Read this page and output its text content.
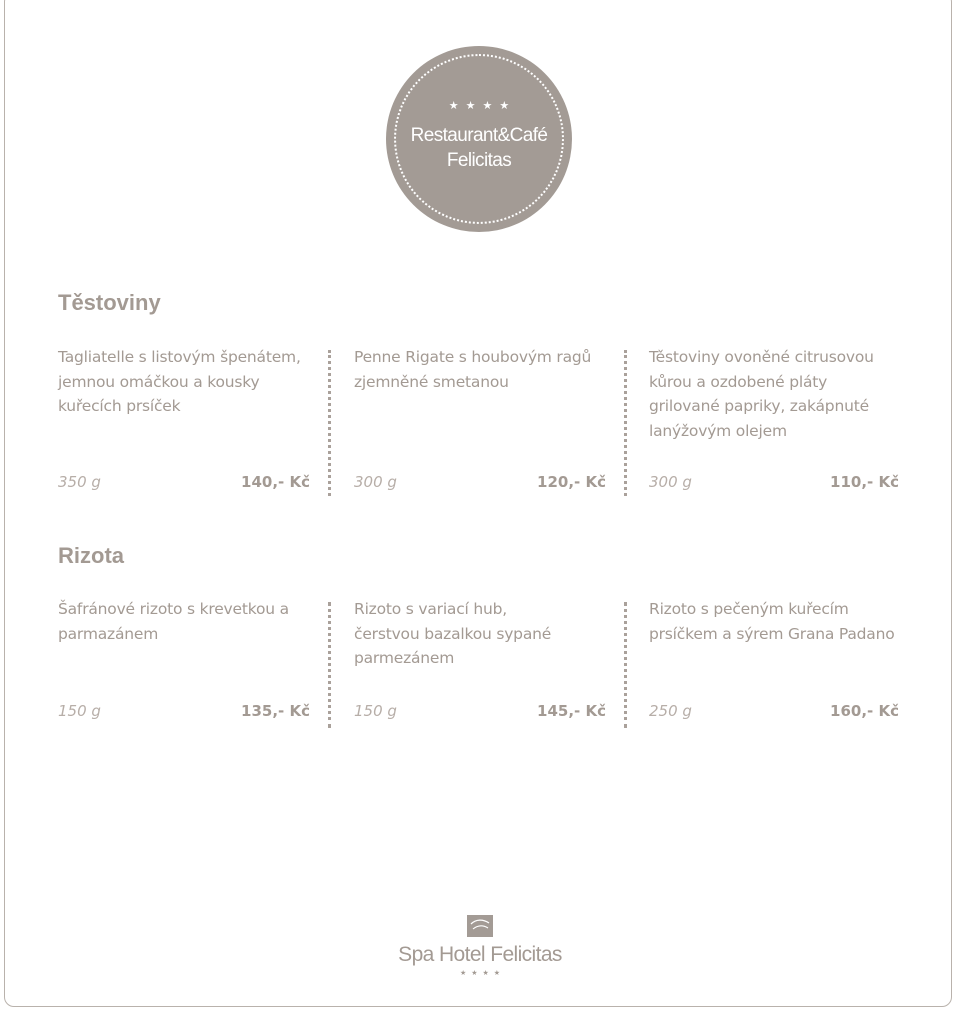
★★★★
Restaurant&Café
Felicitas
Těstoviny

Tagliatelle s listovým špenátem, jemnou omáčkou a kousky kuřecích prsíček

350 g	140,- Kč

Penne Rigate s houbovým ragů zjemněné smetanou

300 g	120,- Kč

Těstoviny ovoněné citrusovou kůrou a ozdobené pláty grilované papriky, zakápnuté lanýžovým olejem

300 g	110,- Kč
Rizota

Šafránové rizoto s krevetkou a parmazánem

150 g	135,- Kč

Rizoto s variací hub, čerstvou bazalkou sypané parmezánem

150 g	145,- Kč

Rizoto s pečeným kuřecím prsíčkem a sýrem Grana Padano

250 g	160,- Kč
Spa Hotel Felicitas
★★★★
